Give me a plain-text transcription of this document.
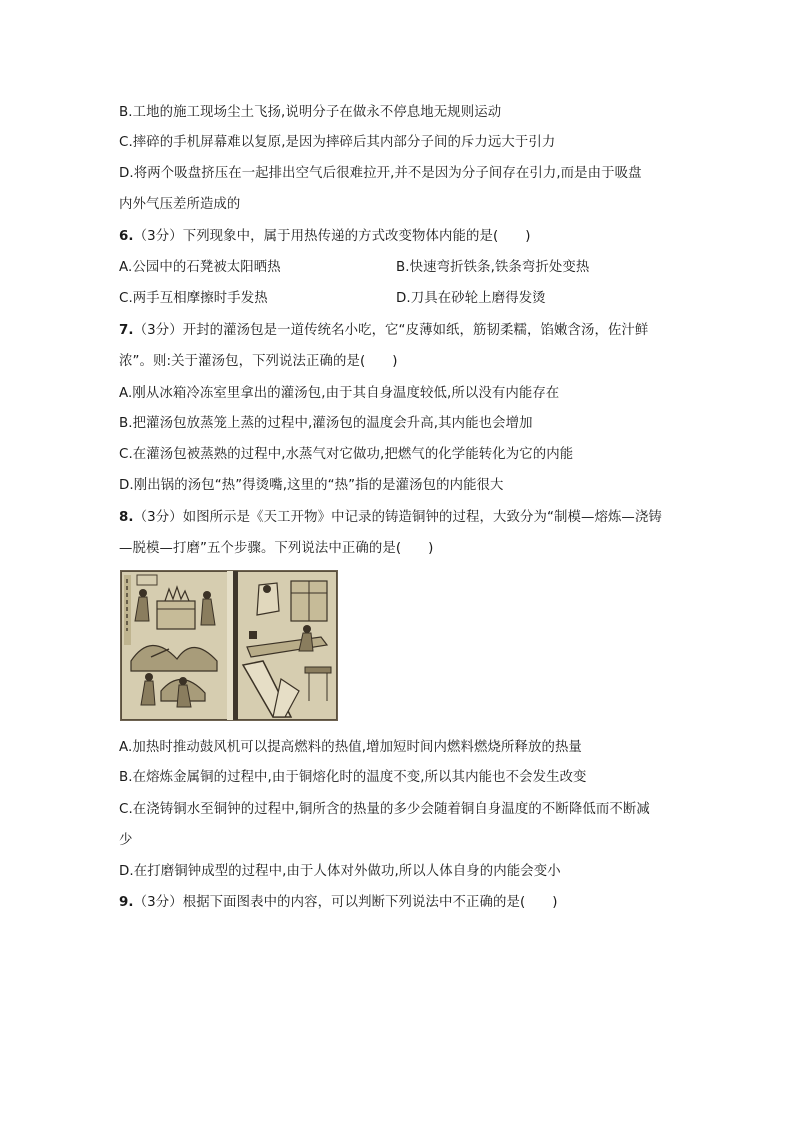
B.工地的施工现场尘土飞扬,说明分子在做永不停息地无规则运动
C.摔碎的手机屏幕难以复原,是因为摔碎后其内部分子间的斥力远大于引力
D.将两个吸盘挤压在一起排出空气后很难拉开,并不是因为分子间存在引力,而是由于吸盘
内外气压差所造成的
6.（3分）下列现象中，属于用热传递的方式改变物体内能的是(　　)
A.公园中的石凳被太阳晒热	B.快速弯折铁条,铁条弯折处变热
C.两手互相摩擦时手发热	D.刀具在砂轮上磨得发烫
7.（3分）开封的灌汤包是一道传统名小吃，它“皮薄如纸，筋韧柔糯，馅嫩含汤，佐汁鲜
浓”。则:关于灌汤包，下列说法正确的是(　　)
A.刚从冰箱冷冻室里拿出的灌汤包,由于其自身温度较低,所以没有内能存在
B.把灌汤包放蒸笼上蒸的过程中,灌汤包的温度会升高,其内能也会增加
C.在灌汤包被蒸熟的过程中,水蒸气对它做功,把燃气的化学能转化为它的内能
D.刚出锅的汤包“热”得烫嘴,这里的“热”指的是灌汤包的内能很大
8.（3分）如图所示是《天工开物》中记录的铸造铜钟的过程，大致分为“制模—熔炼—浇铸
—脱模—打磨”五个步骤。下列说法中正确的是(　　)
A.加热时推动鼓风机可以提高燃料的热值,增加短时间内燃料燃烧所释放的热量
B.在熔炼金属铜的过程中,由于铜熔化时的温度不变,所以其内能也不会发生改变
C.在浇铸铜水至铜钟的过程中,铜所含的热量的多少会随着铜自身温度的不断降低而不断减
少
D.在打磨铜钟成型的过程中,由于人体对外做功,所以人体自身的内能会变小
9.（3分）根据下面图表中的内容，可以判断下列说法中不正确的是(　　)
